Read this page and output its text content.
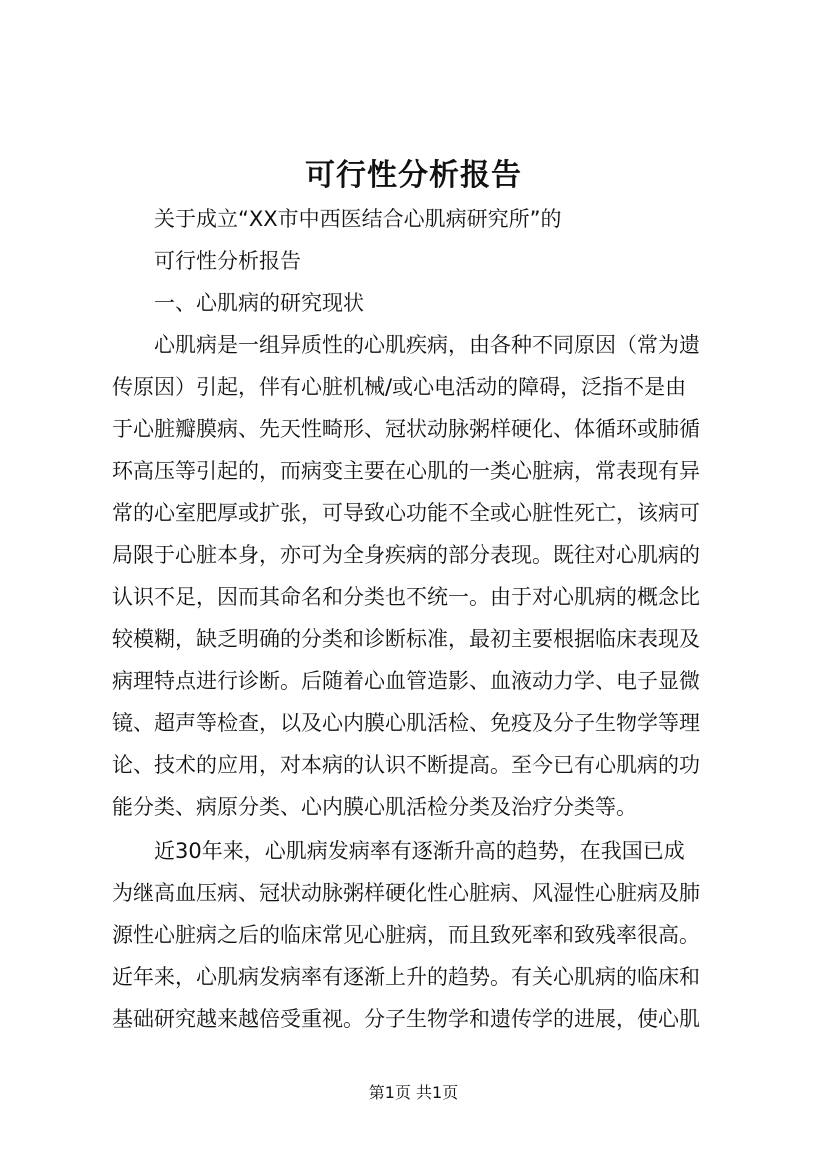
可行性分析报告
关于成立“XX市中西医结合心肌病研究所”的
可行性分析报告
一、心肌病的研究现状
心肌病是一组异质性的心肌疾病，由各种不同原因（常为遗
传原因）引起，伴有心脏机械/或心电活动的障碍，泛指不是由
于心脏瓣膜病、先天性畸形、冠状动脉粥样硬化、体循环或肺循
环高压等引起的，而病变主要在心肌的一类心脏病，常表现有异
常的心室肥厚或扩张，可导致心功能不全或心脏性死亡，该病可
局限于心脏本身，亦可为全身疾病的部分表现。既往对心肌病的
认识不足，因而其命名和分类也不统一。由于对心肌病的概念比
较模糊，缺乏明确的分类和诊断标准，最初主要根据临床表现及
病理特点进行诊断。后随着心血管造影、血液动力学、电子显微
镜、超声等检查，以及心内膜心肌活检、免疫及分子生物学等理
论、技术的应用，对本病的认识不断提高。至今已有心肌病的功
能分类、病原分类、心内膜心肌活检分类及治疗分类等。
近30年来，心肌病发病率有逐渐升高的趋势，在我国已成
为继高血压病、冠状动脉粥样硬化性心脏病、风湿性心脏病及肺
源性心脏病之后的临床常见心脏病，而且致死率和致残率很高。
近年来，心肌病发病率有逐渐上升的趋势。有关心肌病的临床和
基础研究越来越倍受重视。分子生物学和遗传学的进展，使心肌
第1页 共1页
